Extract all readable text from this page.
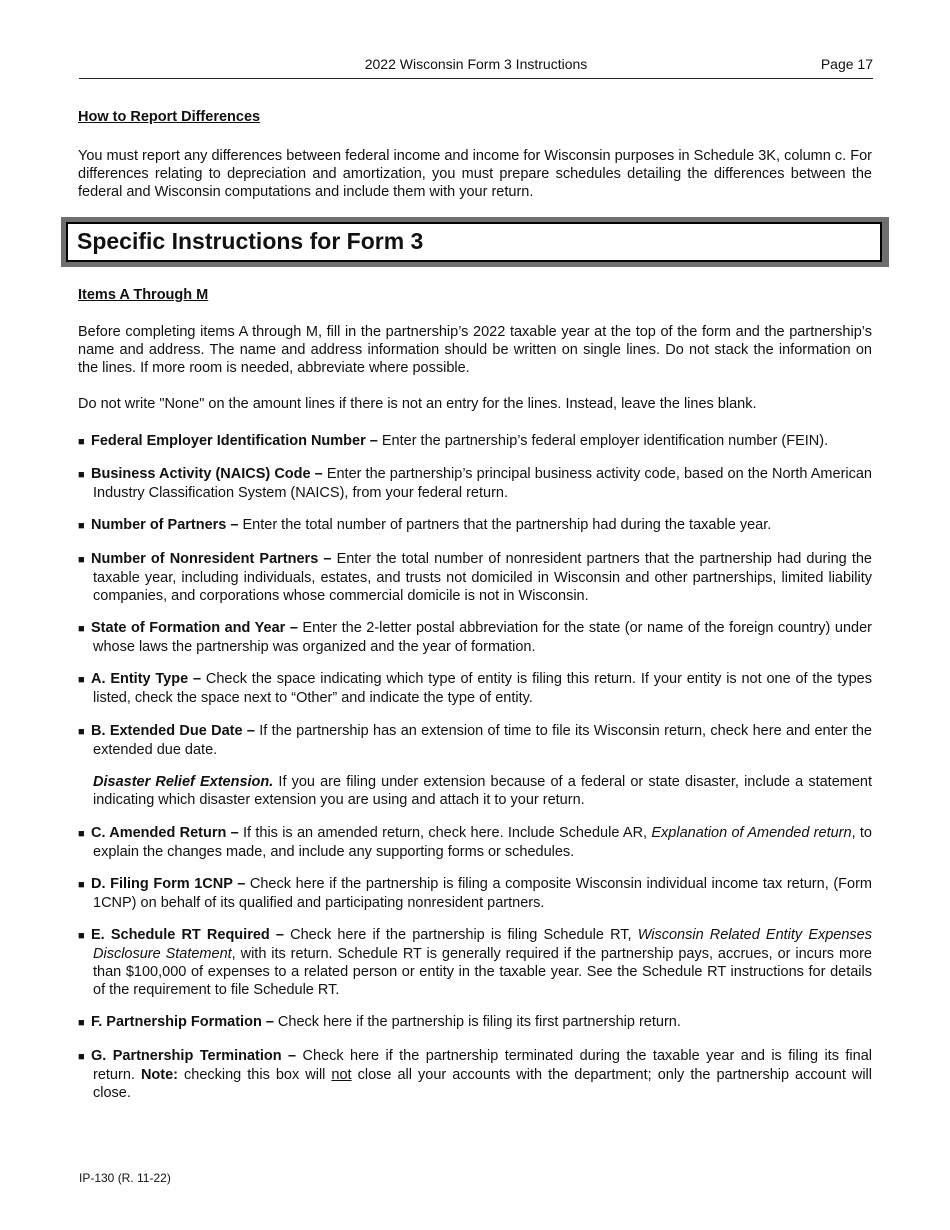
2022 Wisconsin Form 3 Instructions	Page 17
How to Report Differences
You must report any differences between federal income and income for Wisconsin purposes in Schedule 3K, column c. For differences relating to depreciation and amortization, you must prepare schedules detailing the differences between the federal and Wisconsin computations and include them with your return.
Specific Instructions for Form 3
Items A Through M
Before completing items A through M, fill in the partnership’s 2022 taxable year at the top of the form and the partnership’s name and address. The name and address information should be written on single lines. Do not stack the information on the lines. If more room is needed, abbreviate where possible.
Do not write "None" on the amount lines if there is not an entry for the lines. Instead, leave the lines blank.
■ Federal Employer Identification Number – Enter the partnership’s federal employer identification number (FEIN).
■ Business Activity (NAICS) Code – Enter the partnership’s principal business activity code, based on the North American Industry Classification System (NAICS), from your federal return.
■ Number of Partners – Enter the total number of partners that the partnership had during the taxable year.
■ Number of Nonresident Partners – Enter the total number of nonresident partners that the partnership had during the taxable year, including individuals, estates, and trusts not domiciled in Wisconsin and other partnerships, limited liability companies, and corporations whose commercial domicile is not in Wisconsin.
■ State of Formation and Year – Enter the 2-letter postal abbreviation for the state (or name of the foreign country) under whose laws the partnership was organized and the year of formation.
■ A. Entity Type – Check the space indicating which type of entity is filing this return. If your entity is not one of the types listed, check the space next to “Other” and indicate the type of entity.
■ B. Extended Due Date – If the partnership has an extension of time to file its Wisconsin return, check here and enter the extended due date.
Disaster Relief Extension. If you are filing under extension because of a federal or state disaster, include a statement indicating which disaster extension you are using and attach it to your return.
■ C. Amended Return – If this is an amended return, check here. Include Schedule AR, Explanation of Amended return, to explain the changes made, and include any supporting forms or schedules.
■ D. Filing Form 1CNP – Check here if the partnership is filing a composite Wisconsin individual income tax return, (Form 1CNP) on behalf of its qualified and participating nonresident partners.
■ E. Schedule RT Required – Check here if the partnership is filing Schedule RT, Wisconsin Related Entity Expenses Disclosure Statement, with its return. Schedule RT is generally required if the partnership pays, accrues, or incurs more than $100,000 of expenses to a related person or entity in the taxable year. See the Schedule RT instructions for details of the requirement to file Schedule RT.
■ F. Partnership Formation – Check here if the partnership is filing its first partnership return.
■ G. Partnership Termination – Check here if the partnership terminated during the taxable year and is filing its final return. Note: checking this box will not close all your accounts with the department; only the partnership account will close.
IP-130 (R. 11-22)
